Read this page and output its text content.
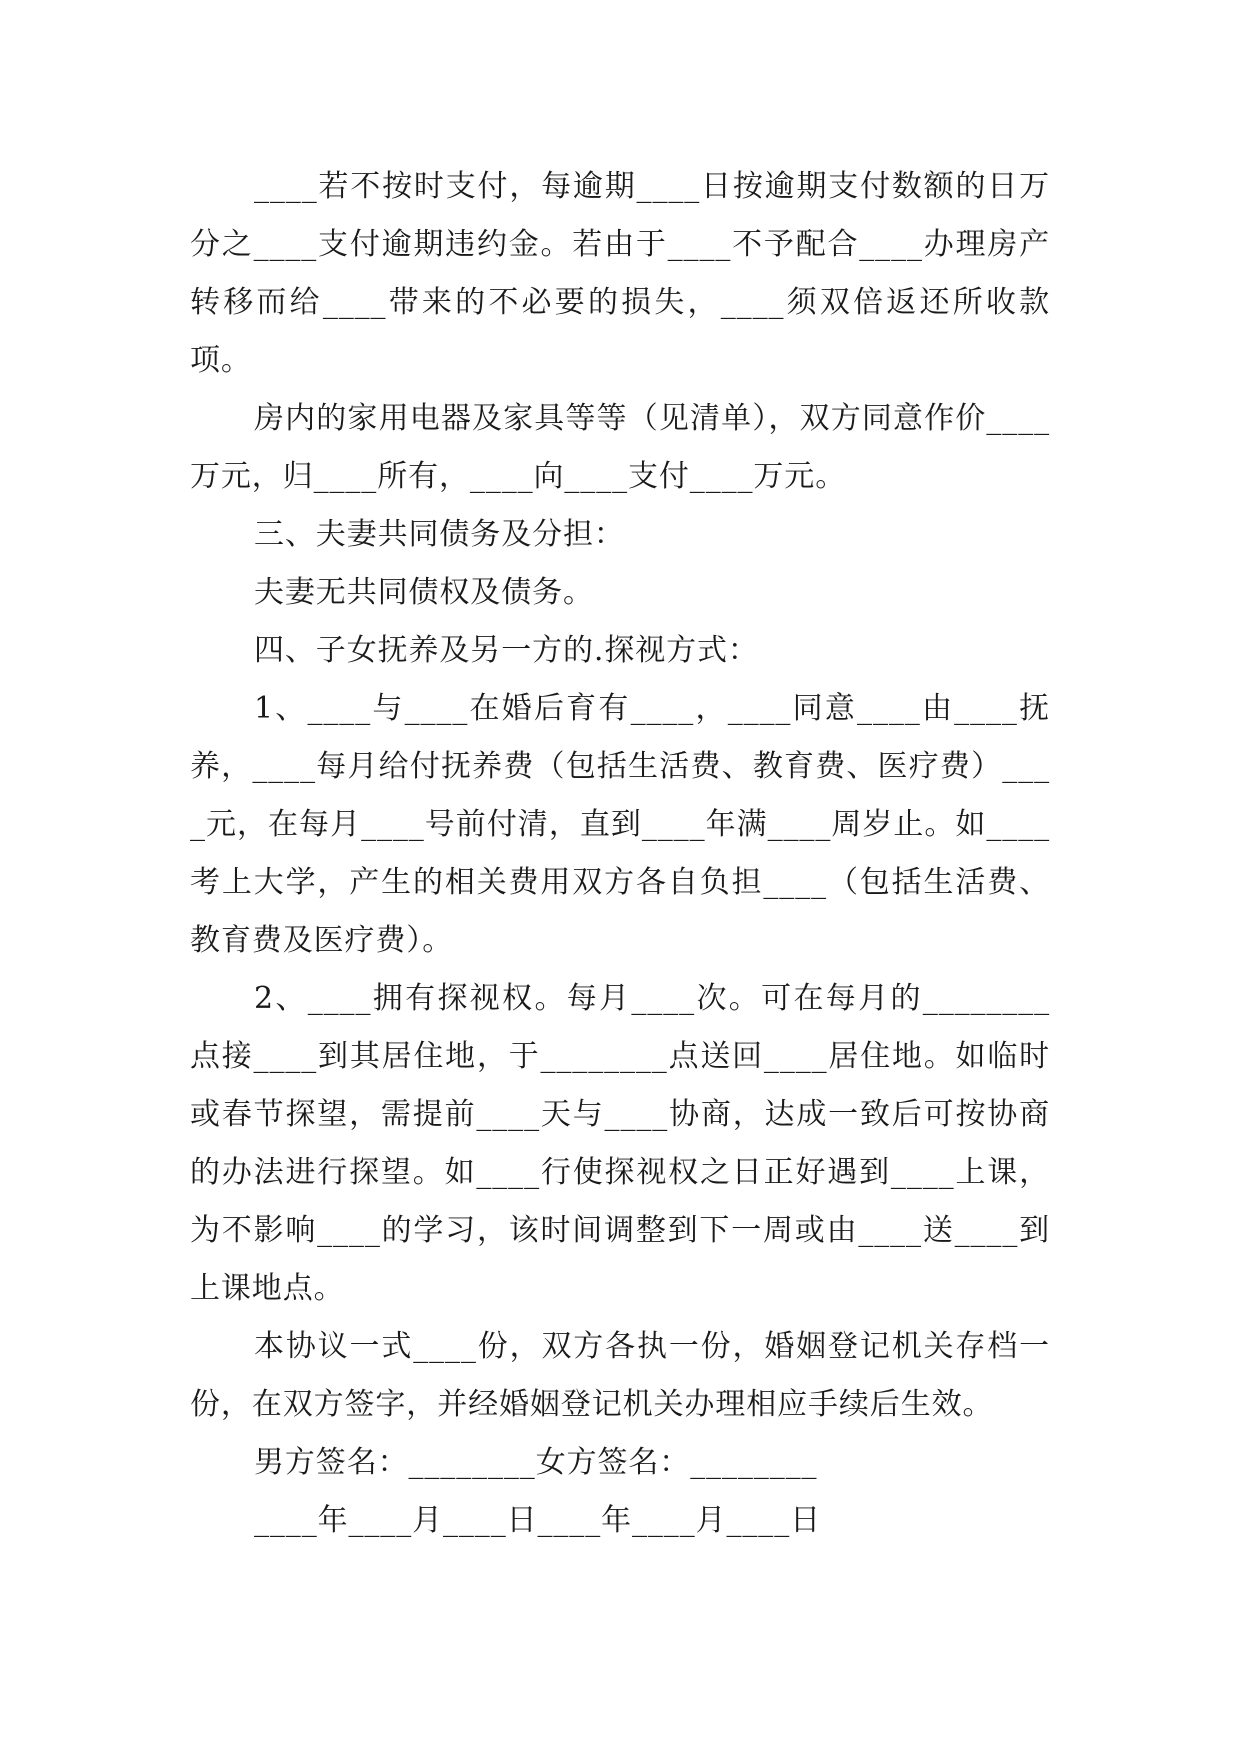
____若不按时支付，每逾期____日按逾期支付数额的日万分之____支付逾期违约金。若由于____不予配合____办理房产转移而给____带来的不必要的损失，____须双倍返还所收款项。

房内的家用电器及家具等等（见清单），双方同意作价____万元，归____所有，____向____支付____万元。

三、夫妻共同债务及分担：

夫妻无共同债权及债务。

四、子女抚养及另一方的.探视方式：

1、____与____在婚后育有____，____同意____由____抚养，____每月给付抚养费（包括生活费、教育费、医疗费）____元，在每月____号前付清，直到____年满____周岁止。如____考上大学，产生的相关费用双方各自负担____（包括生活费、教育费及医疗费）。

2、____拥有探视权。每月____次。可在每月的________点接____到其居住地，于________点送回____居住地。如临时或春节探望，需提前____天与____协商，达成一致后可按协商的办法进行探望。如____行使探视权之日正好遇到____上课，为不影响____的学习，该时间调整到下一周或由____送____到上课地点。

本协议一式____份，双方各执一份，婚姻登记机关存档一份，在双方签字，并经婚姻登记机关办理相应手续后生效。

男方签名：________女方签名：________

____年____月____日____年____月____日
